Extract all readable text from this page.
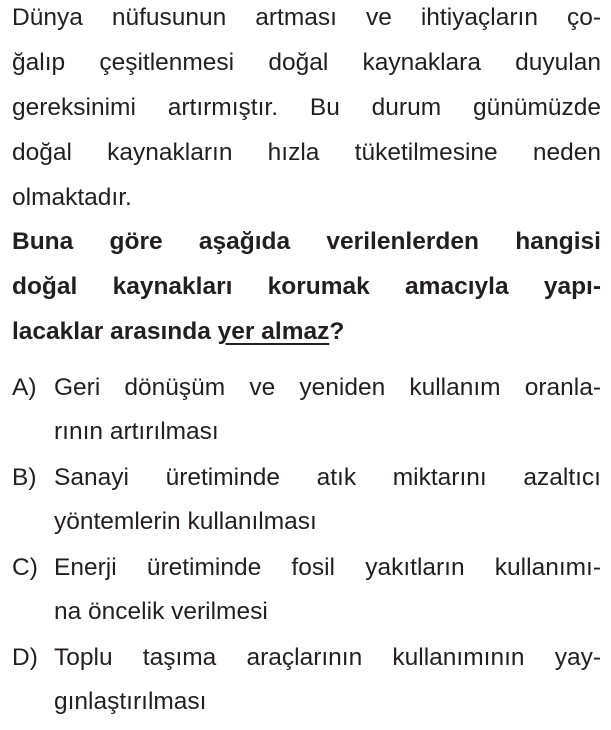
Dünya nüfusunun artması ve ihtiyaçların ço-
ğalıp çeşitlenmesi doğal kaynaklara duyulan
gereksinimi artırmıştır. Bu durum günümüzde
doğal kaynakların hızla tüketilmesine neden
olmaktadır.
Buna göre aşağıda verilenlerden hangisi
doğal kaynakları korumak amacıyla yapı-
lacaklar arasında yer almaz?
A) Geri dönüşüm ve yeniden kullanım oranla-
rının artırılması
B) Sanayi üretiminde atık miktarını azaltıcı
yöntemlerin kullanılması
C) Enerji üretiminde fosil yakıtların kullanımı-
na öncelik verilmesi
D) Toplu taşıma araçlarının kullanımının yay-
gınlaştırılması
